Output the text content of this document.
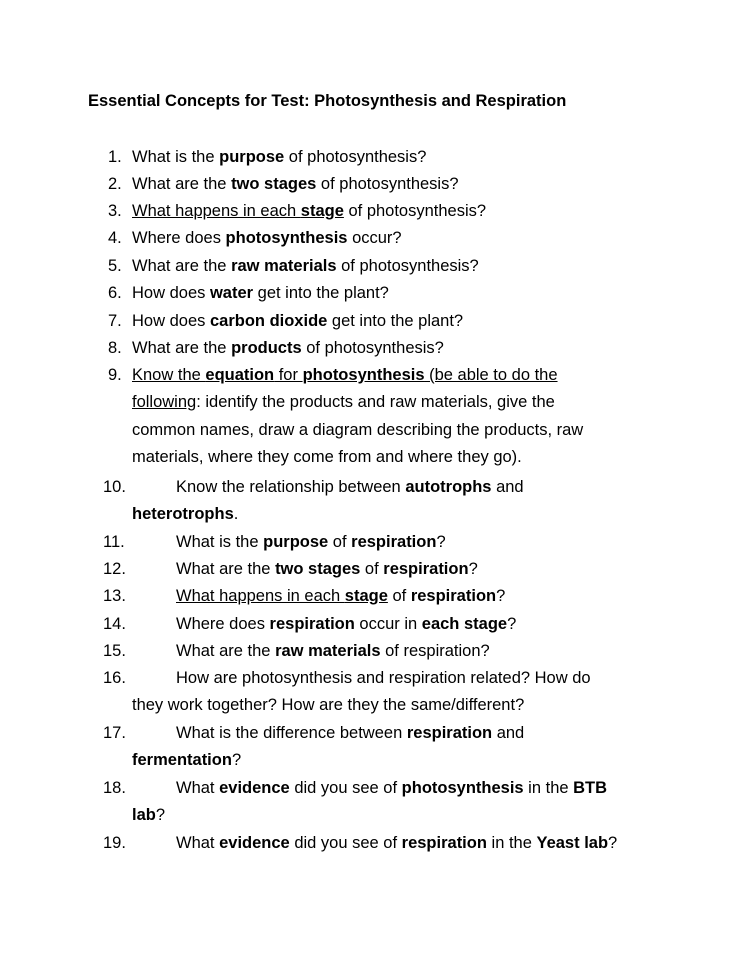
Essential Concepts for Test: Photosynthesis and Respiration
1. What is the purpose of photosynthesis?
2. What are the two stages of photosynthesis?
3. What happens in each stage of photosynthesis?
4. Where does photosynthesis occur?
5. What are the raw materials of photosynthesis?
6. How does water get into the plant?
7. How does carbon dioxide get into the plant?
8. What are the products of photosynthesis?
9. Know the equation for photosynthesis (be able to do the
following: identify the products and raw materials, give the
common names, draw a diagram describing the products, raw
materials, where they come from and where they go).
10.	Know the relationship between autotrophs and
heterotrophs.
11.	What is the purpose of respiration?
12.	What are the two stages of respiration?
13.	What happens in each stage of respiration?
14.	Where does respiration occur in each stage?
15.	What are the raw materials of respiration?
16.	How are photosynthesis and respiration related? How do
they work together? How are they the same/different?
17.	What is the difference between respiration and
fermentation?
18.	What evidence did you see of photosynthesis in the BTB
lab?
19.	What evidence did you see of respiration in the Yeast lab?
